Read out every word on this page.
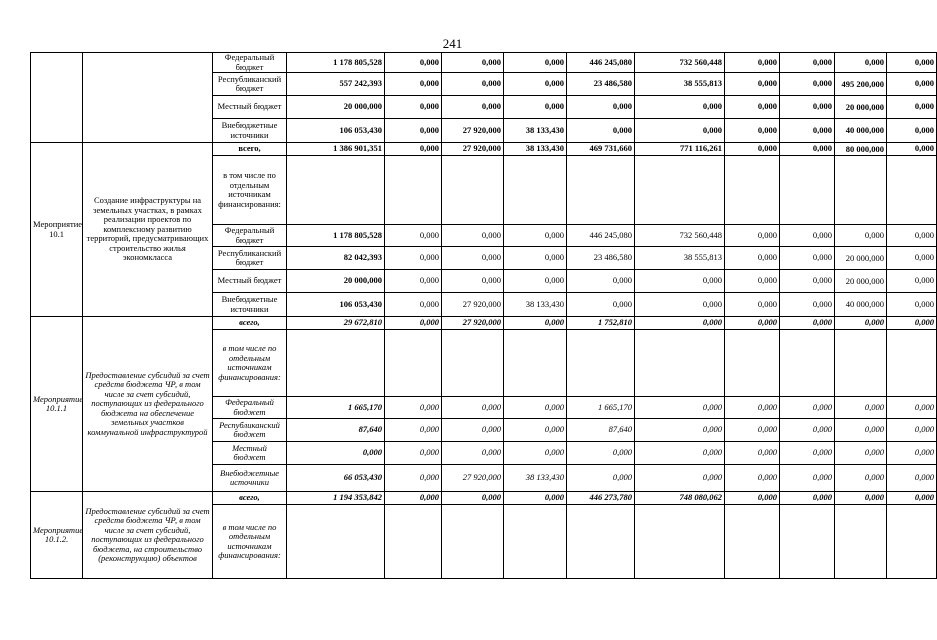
241
		Федеральный бюджет	1 178 805,528	0,000	0,000	0,000	446 245,080	732 560,448	0,000	0,000	0,000	0,000
		Республиканский бюджет	557 242,393	0,000	0,000	0,000	23 486,580	38 555,813	0,000	0,000	495 200,000	0,000
		Местный бюджет	20 000,000	0,000	0,000	0,000	0,000	0,000	0,000	0,000	20 000,000	0,000
		Внебюджетные источники	106 053,430	0,000	27 920,000	38 133,430	0,000	0,000	0,000	0,000	40 000,000	0,000
Мероприятие 10.1	Создание инфраструктуры на земельных участках, в рамках реализации проектов по комплексному развитию территорий, предусматривающих строительство жилья экономкласса	всего,	1 386 901,351	0,000	27 920,000	38 133,430	469 731,660	771 116,261	0,000	0,000	80 000,000	0,000
		в том числе по отдельным источникам финансирования:										
		Федеральный бюджет	1 178 805,528	0,000	0,000	0,000	446 245,080	732 560,448	0,000	0,000	0,000	0,000
		Республиканский бюджет	82 042,393	0,000	0,000	0,000	23 486,580	38 555,813	0,000	0,000	20 000,000	0,000
		Местный бюджет	20 000,000	0,000	0,000	0,000	0,000	0,000	0,000	0,000	20 000,000	0,000
		Внебюджетные источники	106 053,430	0,000	27 920,000	38 133,430	0,000	0,000	0,000	0,000	40 000,000	0,000
Мероприятие 10.1.1	Предоставление субсидий за счет средств бюджета ЧР, в том числе за счет субсидий, поступающих из федерального бюджета на обеспечение земельных участков коммунальной инфраструктурой	всего,	29 672,810	0,000	27 920,000	0,000	1 752,810	0,000	0,000	0,000	0,000	0,000
		в том числе по отдельным источникам финансирования:										
		Федеральный бюджет	1 665,170	0,000	0,000	0,000	1 665,170	0,000	0,000	0,000	0,000	0,000
		Республиканский бюджет	87,640	0,000	0,000	0,000	87,640	0,000	0,000	0,000	0,000	0,000
		Местный бюджет	0,000	0,000	0,000	0,000	0,000	0,000	0,000	0,000	0,000	0,000
		Внебюджетные источники	66 053,430	0,000	27 920,000	38 133,430	0,000	0,000	0,000	0,000	0,000	0,000
Мероприятие 10.1.2.	Предоставление субсидий за счет средств бюджета ЧР, в том числе за счет субсидий, поступающих из федерального бюджета, на строительство (реконструкцию) объектов	всего,	1 194 353,842	0,000	0,000	0,000	446 273,780	748 080,062	0,000	0,000	0,000	0,000
		в том числе по отдельным источникам финансирования:										
